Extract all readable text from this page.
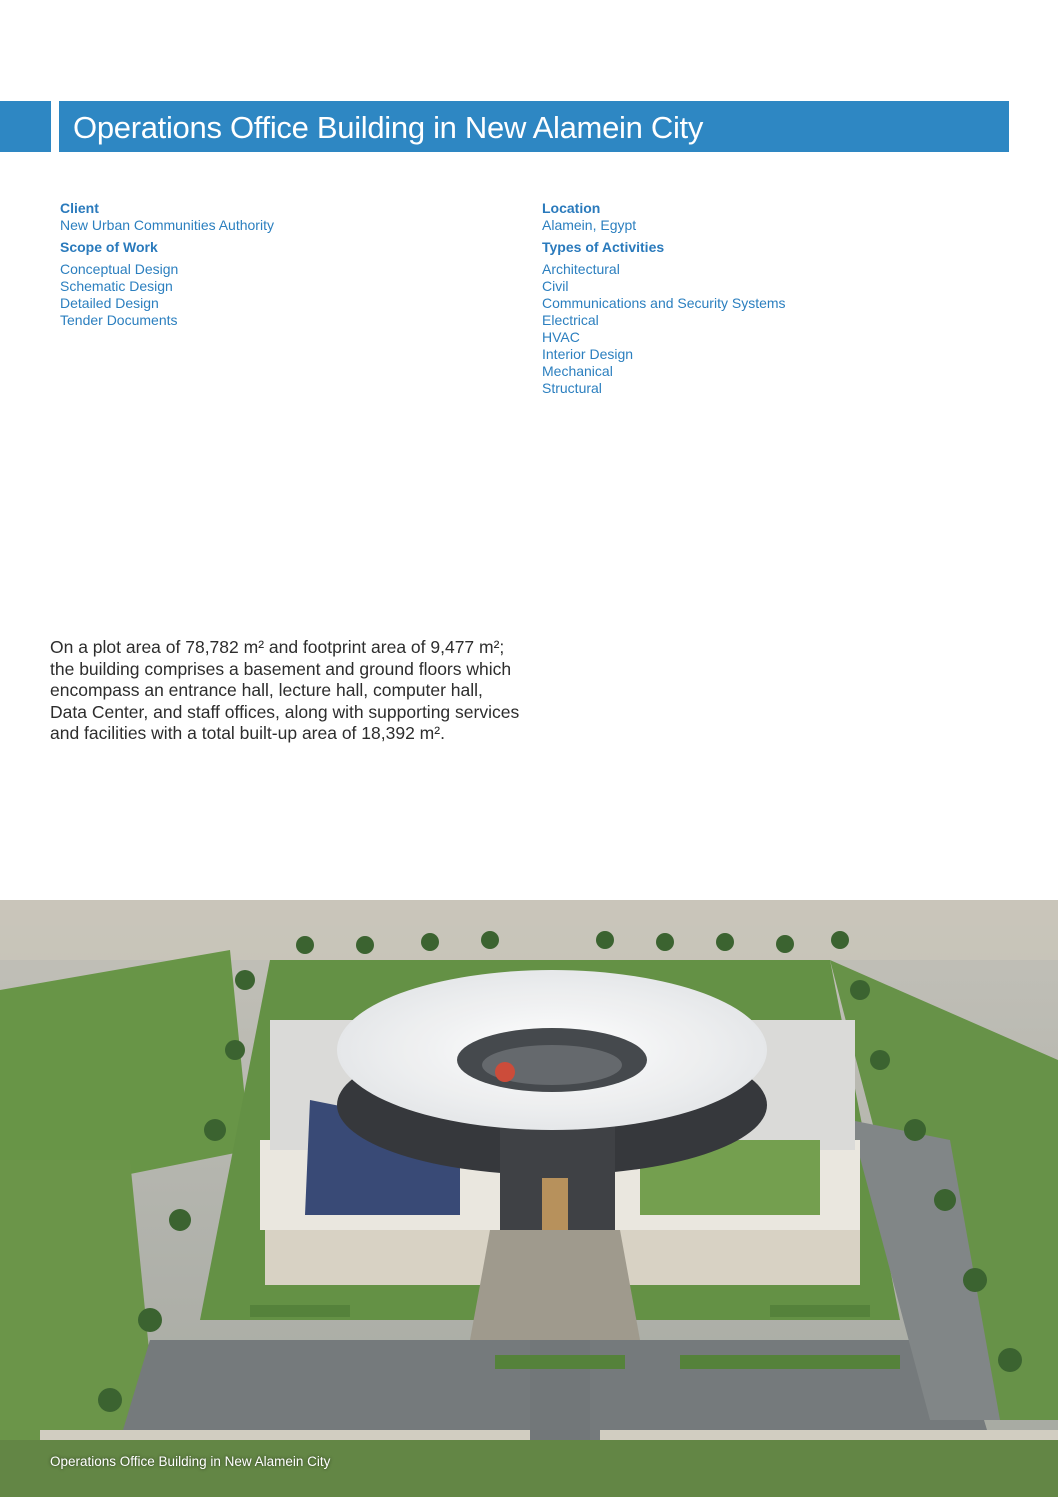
Operations Office Building in New Alamein City

Client

New Urban Communities Authority

Scope of Work

Conceptual Design
Schematic Design
Detailed Design
Tender Documents

Location

Alamein, Egypt

Types of Activities

Architectural
Civil
Communications and Security Systems
Electrical
HVAC
Interior Design
Mechanical
Structural

On a plot area of 78,782 m² and footprint area of 9,477 m²; the building comprises a basement and ground floors which encompass an entrance hall, lecture hall, computer hall, Data Center, and staff offices, along with supporting services and facilities with a total built-up area of 18,392 m².

Operations Office Building in New Alamein City
